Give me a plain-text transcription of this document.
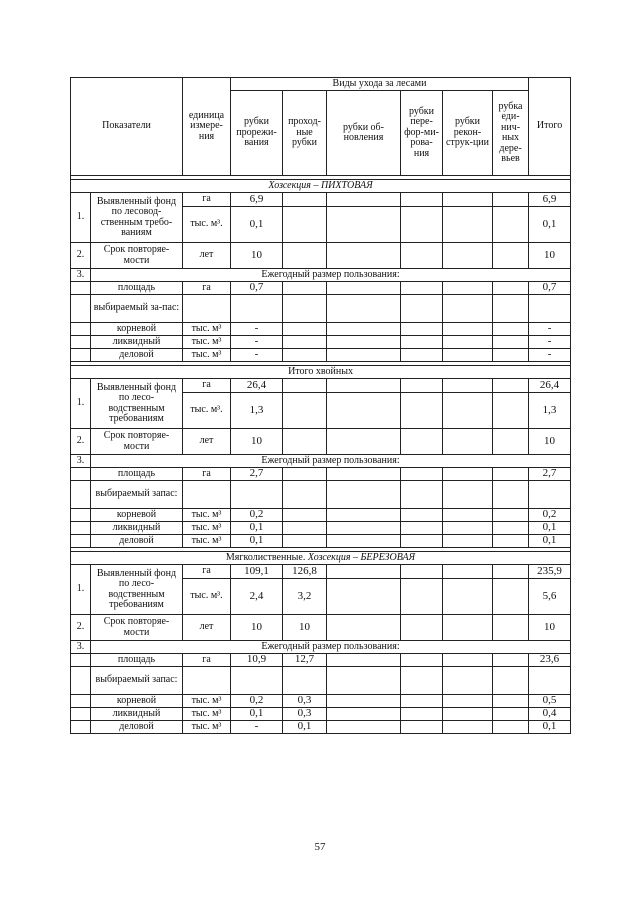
Показатели		единица измере-ния	Виды ухода за лесами						Итого
			рубки прорежи-вания	проход-ные рубки	рубки об-новления	рубки пере-фор-ми-рова-ния	рубки рекон-струк-ции	рубка еди-нич-ных дере-вьев	

Хозсекция – ПИХТОВАЯ									
1.	Выявленный фонд по лесовод-ственным требо-ваниям	га	6,9						6,9
		тыс. м³.	0,1						0,1
2.	Срок повторяе-мости	лет	10						10
3.	Ежегодный размер пользования:								
	площадь	га	0,7						0,7
	выбираемый за-пас:								
	корневой	тыс. м³	-						-
	ликвидный	тыс. м³	-						-
	деловой	тыс. м³	-						-

Итого хвойных									
1.	Выявленный фонд по лесо-водственным требованиям	га	26,4						26,4
		тыс. м³.	1,3						1,3
2.	Срок повторяе-мости	лет	10						10
3.	Ежегодный размер пользования:								
	площадь	га	2,7						2,7
	выбираемый запас:								
	корневой	тыс. м³	0,2						0,2
	ликвидный	тыс. м³	0,1						0,1
	деловой	тыс. м³	0,1						0,1

Мягколиственные. Хозсекция – БЕРЕЗОВАЯ									
1.	Выявленный фонд по лесо-водственным требованиям	га	109,1	126,8					235,9
		тыс. м³.	2,4	3,2					5,6
2.	Срок повторяе-мости	лет	10	10					10
3.	Ежегодный размер пользования:								
	площадь	га	10,9	12,7					23,6
	выбираемый запас:								
	корневой	тыс. м³	0,2	0,3					0,5
	ликвидный	тыс. м³	0,1	0,3					0,4
	деловой	тыс. м³	-	0,1					0,1
57
